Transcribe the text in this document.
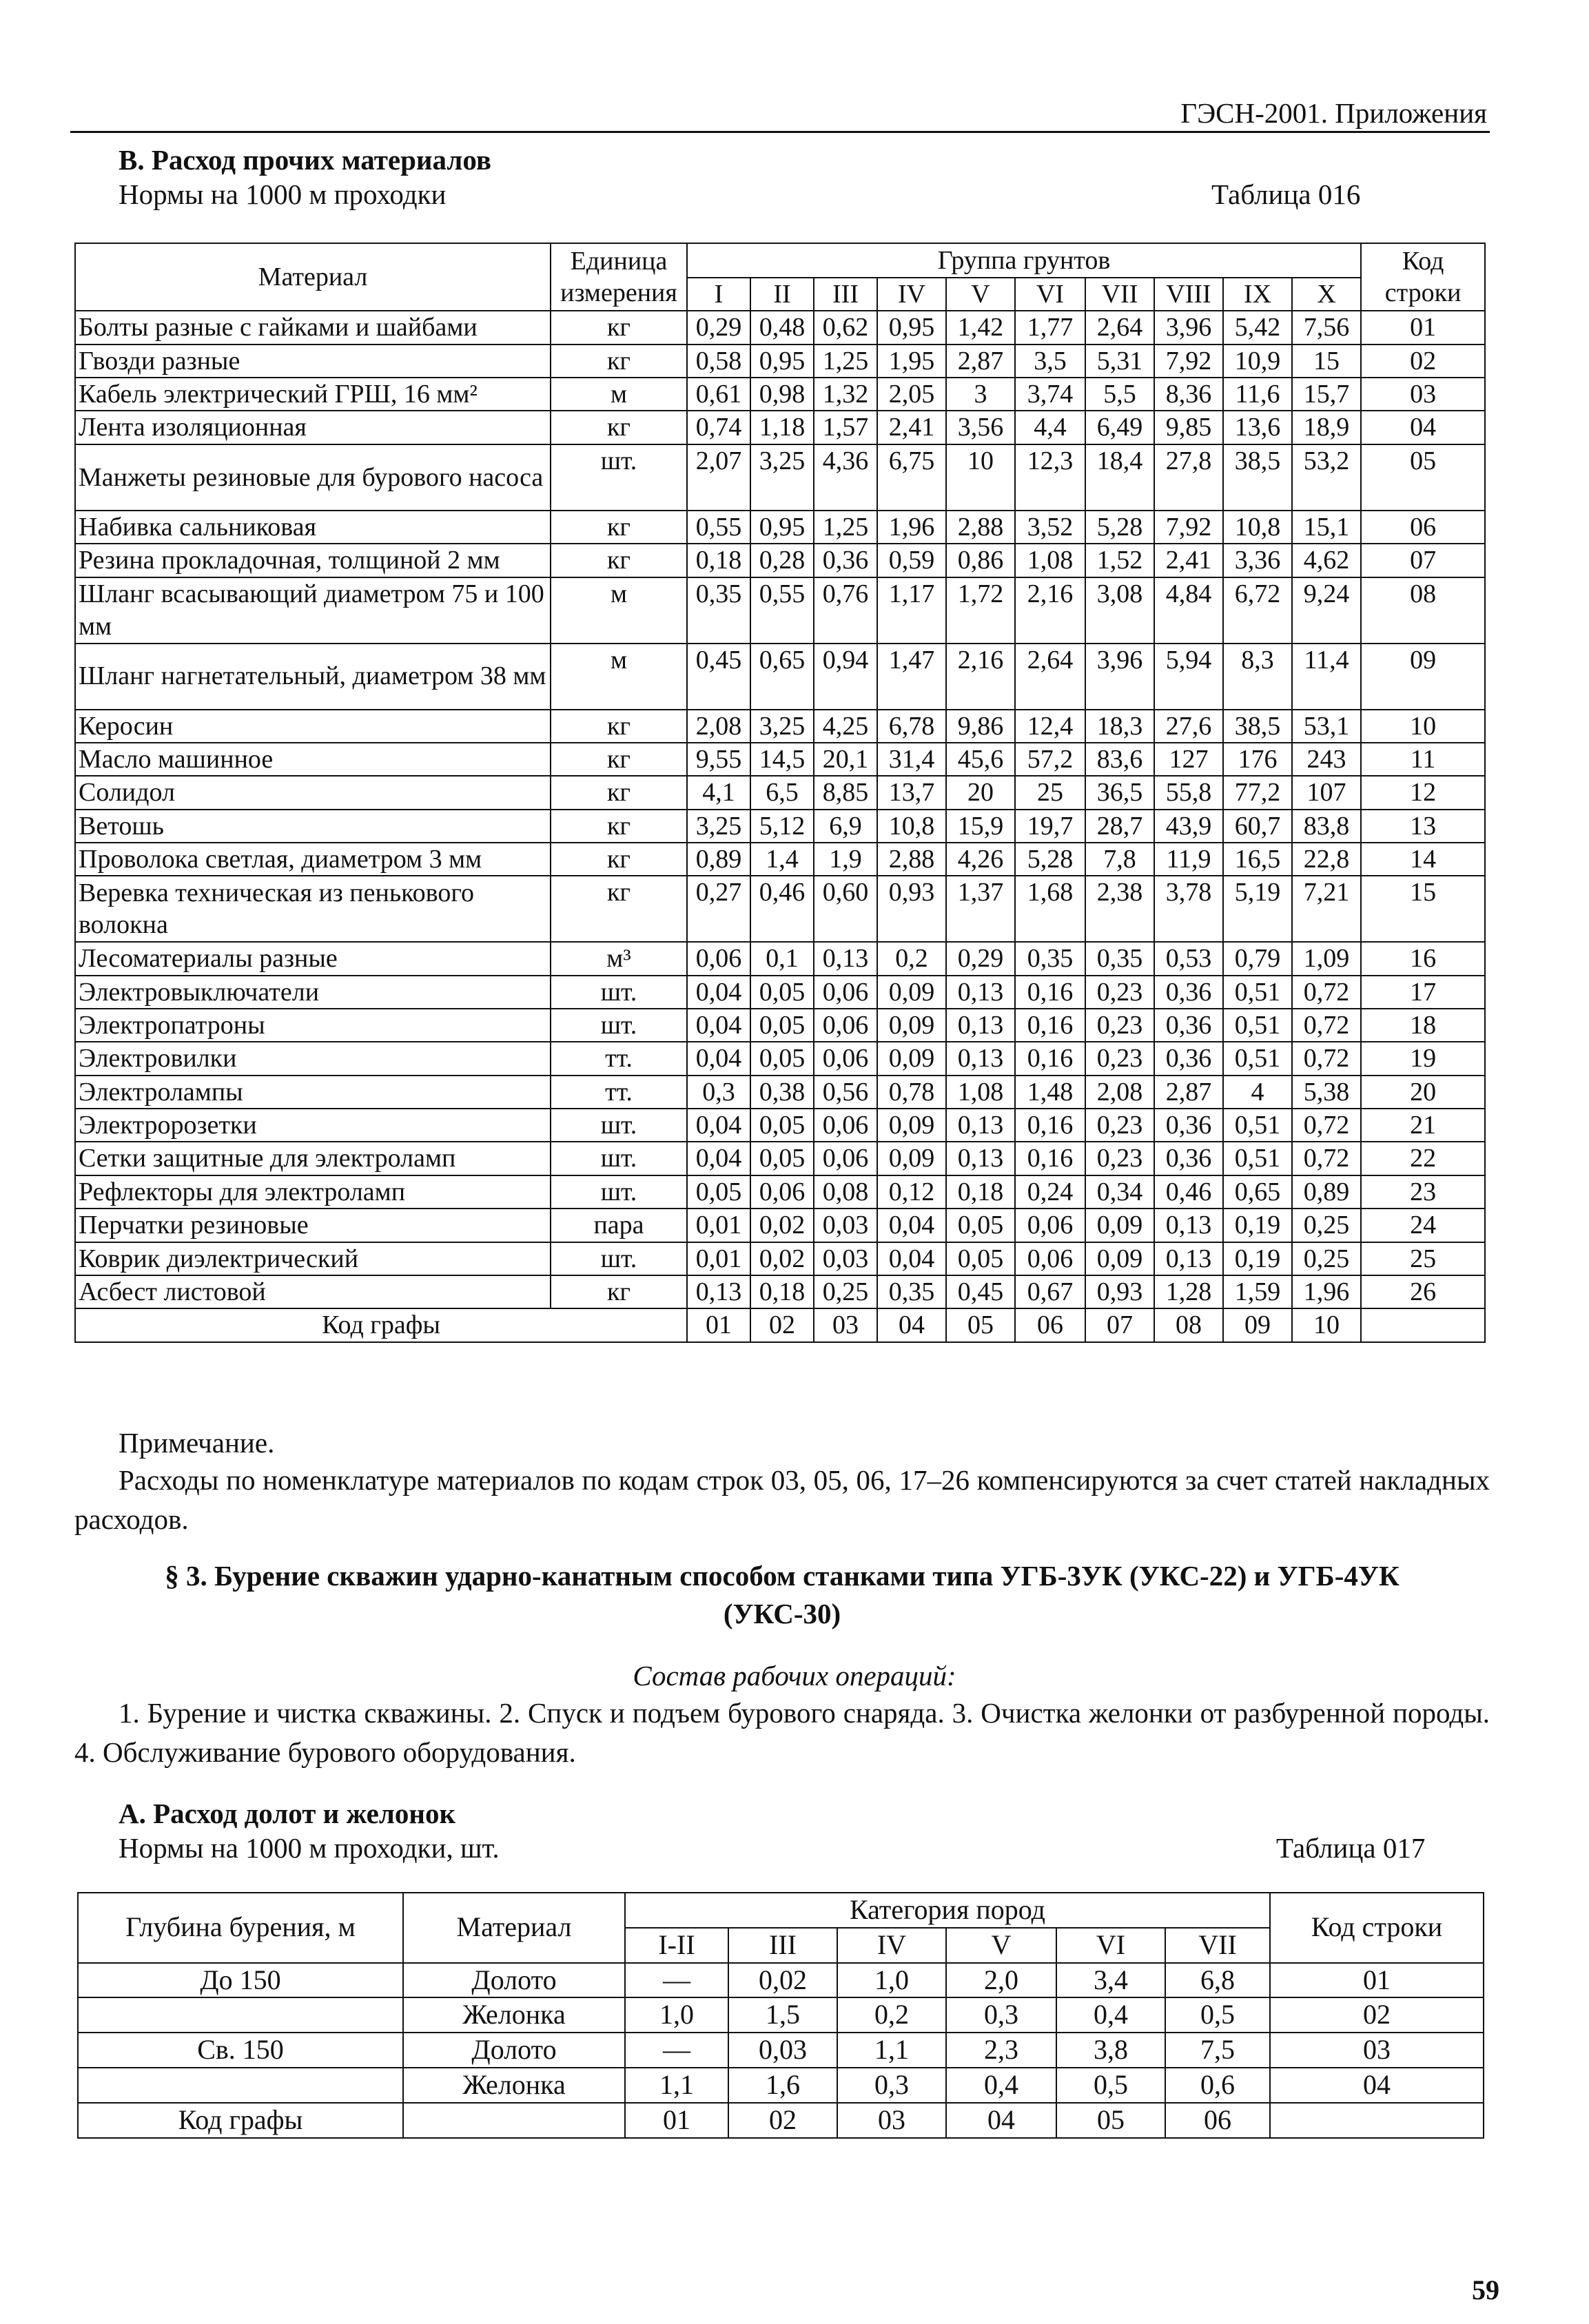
ГЭСН-2001. Приложения
В. Расход прочих материалов
Нормы на 1000 м проходки	Таблица 016
Материал	Единица измерения	Группа грунтов										Код строки
		I	II	III	IV	V	VI	VII	VIII	IX	X	
Болты разные с гайками и шайбами	кг	0,29	0,48	0,62	0,95	1,42	1,77	2,64	3,96	5,42	7,56	01
Гвозди разные	кг	0,58	0,95	1,25	1,95	2,87	3,5	5,31	7,92	10,9	15	02
Кабель электрический ГРШ, 16 мм²	м	0,61	0,98	1,32	2,05	3	3,74	5,5	8,36	11,6	15,7	03
Лента изоляционная	кг	0,74	1,18	1,57	2,41	3,56	4,4	6,49	9,85	13,6	18,9	04
Манжеты резиновые для бурового насоса	шт.	2,07	3,25	4,36	6,75	10	12,3	18,4	27,8	38,5	53,2	05
Набивка сальниковая	кг	0,55	0,95	1,25	1,96	2,88	3,52	5,28	7,92	10,8	15,1	06
Резина прокладочная, толщиной 2 мм	кг	0,18	0,28	0,36	0,59	0,86	1,08	1,52	2,41	3,36	4,62	07
Шланг всасывающий диаметром 75 и 100 мм	м	0,35	0,55	0,76	1,17	1,72	2,16	3,08	4,84	6,72	9,24	08
Шланг нагнетательный, диаметром 38 мм	м	0,45	0,65	0,94	1,47	2,16	2,64	3,96	5,94	8,3	11,4	09
Керосин	кг	2,08	3,25	4,25	6,78	9,86	12,4	18,3	27,6	38,5	53,1	10
Масло машинное	кг	9,55	14,5	20,1	31,4	45,6	57,2	83,6	127	176	243	11
Солидол	кг	4,1	6,5	8,85	13,7	20	25	36,5	55,8	77,2	107	12
Ветошь	кг	3,25	5,12	6,9	10,8	15,9	19,7	28,7	43,9	60,7	83,8	13
Проволока светлая, диаметром 3 мм	кг	0,89	1,4	1,9	2,88	4,26	5,28	7,8	11,9	16,5	22,8	14
Веревка техническая из пенькового волокна	кг	0,27	0,46	0,60	0,93	1,37	1,68	2,38	3,78	5,19	7,21	15
Лесоматериалы разные	м³	0,06	0,1	0,13	0,2	0,29	0,35	0,35	0,53	0,79	1,09	16
Электровыключатели	шт.	0,04	0,05	0,06	0,09	0,13	0,16	0,23	0,36	0,51	0,72	17
Электропатроны	шт.	0,04	0,05	0,06	0,09	0,13	0,16	0,23	0,36	0,51	0,72	18
Электровилки	тт.	0,04	0,05	0,06	0,09	0,13	0,16	0,23	0,36	0,51	0,72	19
Электролампы	тт.	0,3	0,38	0,56	0,78	1,08	1,48	2,08	2,87	4	5,38	20
Электророзетки	шт.	0,04	0,05	0,06	0,09	0,13	0,16	0,23	0,36	0,51	0,72	21
Сетки защитные для электроламп	шт.	0,04	0,05	0,06	0,09	0,13	0,16	0,23	0,36	0,51	0,72	22
Рефлекторы для электроламп	шт.	0,05	0,06	0,08	0,12	0,18	0,24	0,34	0,46	0,65	0,89	23
Перчатки резиновые	пара	0,01	0,02	0,03	0,04	0,05	0,06	0,09	0,13	0,19	0,25	24
Коврик диэлектрический	шт.	0,01	0,02	0,03	0,04	0,05	0,06	0,09	0,13	0,19	0,25	25
Асбест листовой	кг	0,13	0,18	0,25	0,35	0,45	0,67	0,93	1,28	1,59	1,96	26
Код графы		01	02	03	04	05	06	07	08	09	10	
Примечание.
Расходы по номенклатуре материалов по кодам строк 03, 05, 06, 17–26 компенсируются за счет статей накладных расходов.
§ 3. Бурение скважин ударно-канатным способом станками типа УГБ-3УК (УКС-22) и УГБ-4УК (УКС-30)
Состав рабочих операций:
1. Бурение и чистка скважины. 2. Спуск и подъем бурового снаряда. 3. Очистка желонки от разбуренной породы. 4. Обслуживание бурового оборудования.
А. Расход долот и желонок
Нормы на 1000 м проходки, шт.	Таблица 017
Глубина бурения, м	Материал	Категория пород						Код строки
		I-II	III	IV	V	VI	VII	
До 150	Долото	—	0,02	1,0	2,0	3,4	6,8	01
	Желонка	1,0	1,5	0,2	0,3	0,4	0,5	02
Св. 150	Долото	—	0,03	1,1	2,3	3,8	7,5	03
	Желонка	1,1	1,6	0,3	0,4	0,5	0,6	04
Код графы		01	02	03	04	05	06	
59
